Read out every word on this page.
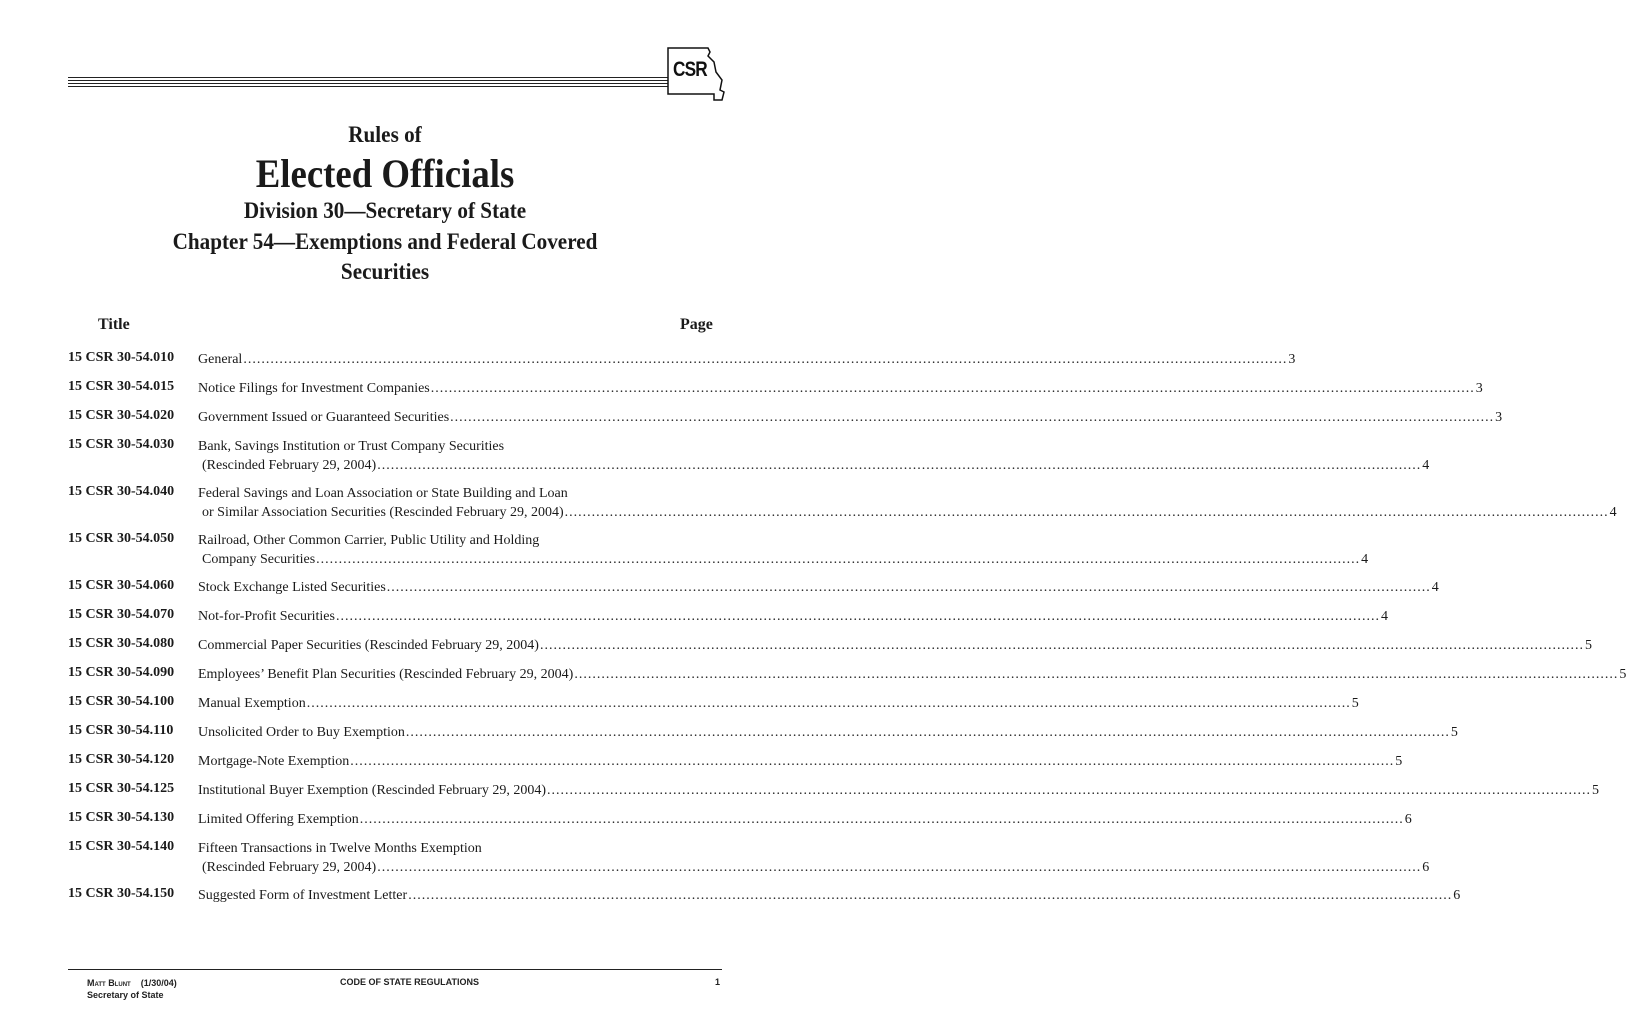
CSR
Rules of
Elected Officials
Division 30—Secretary of State
Chapter 54—Exemptions and Federal Covered
Securities
Title	Page
15 CSR 30-54.010	General .....	3
15 CSR 30-54.015	Notice Filings for Investment Companies .....	3
15 CSR 30-54.020	Government Issued or Guaranteed Securities .....	3
15 CSR 30-54.030	Bank, Savings Institution or Trust Company Securities
(Rescinded February 29, 2004) .....	4
15 CSR 30-54.040	Federal Savings and Loan Association or State Building and Loan
or Similar Association Securities (Rescinded February 29, 2004) .....	4
15 CSR 30-54.050	Railroad, Other Common Carrier, Public Utility and Holding
Company Securities .....	4
15 CSR 30-54.060	Stock Exchange Listed Securities .....	4
15 CSR 30-54.070	Not-for-Profit Securities .....	4
15 CSR 30-54.080	Commercial Paper Securities (Rescinded February 29, 2004) .....	5
15 CSR 30-54.090	Employees’ Benefit Plan Securities (Rescinded February 29, 2004) .....	5
15 CSR 30-54.100	Manual Exemption .....	5
15 CSR 30-54.110	Unsolicited Order to Buy Exemption .....	5
15 CSR 30-54.120	Mortgage-Note Exemption .....	5
15 CSR 30-54.125	Institutional Buyer Exemption (Rescinded February 29, 2004) .....	5
15 CSR 30-54.130	Limited Offering Exemption .....	6
15 CSR 30-54.140	Fifteen Transactions in Twelve Months Exemption
(Rescinded February 29, 2004) .....	6
15 CSR 30-54.150	Suggested Form of Investment Letter .....	6
Matt Blunt (1/30/04)
Secretary of State
CODE OF STATE REGULATIONS	1
